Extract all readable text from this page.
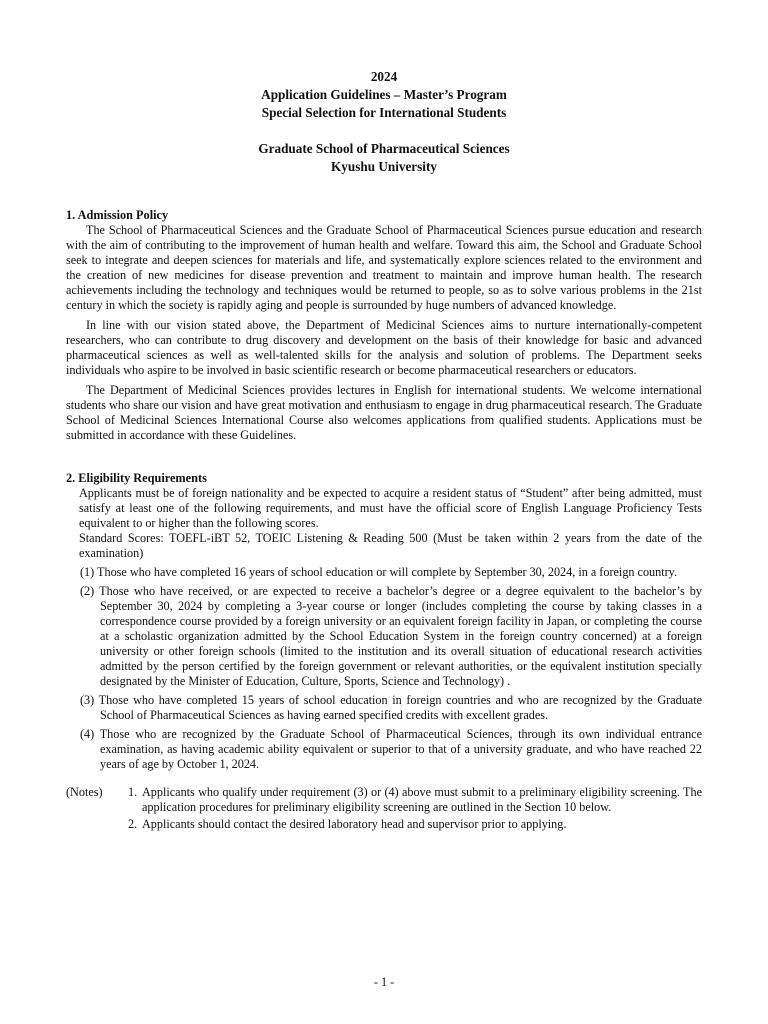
2024
Application Guidelines – Master’s Program
Special Selection for International Students
Graduate School of Pharmaceutical Sciences
Kyushu University
1. Admission Policy

The School of Pharmaceutical Sciences and the Graduate School of Pharmaceutical Sciences pursue education and research with the aim of contributing to the improvement of human health and welfare. Toward this aim, the School and Graduate School seek to integrate and deepen sciences for materials and life, and systematically explore sciences related to the environment and the creation of new medicines for disease prevention and treatment to maintain and improve human health. The research achievements including the technology and techniques would be returned to people, so as to solve various problems in the 21st century in which the society is rapidly aging and people is surrounded by huge numbers of advanced knowledge.

In line with our vision stated above, the Department of Medicinal Sciences aims to nurture internationally-competent researchers, who can contribute to drug discovery and development on the basis of their knowledge for basic and advanced pharmaceutical sciences as well as well-talented skills for the analysis and solution of problems. The Department seeks individuals who aspire to be involved in basic scientific research or become pharmaceutical researchers or educators.

The Department of Medicinal Sciences provides lectures in English for international students. We welcome international students who share our vision and have great motivation and enthusiasm to engage in drug pharmaceutical research. The Graduate School of Medicinal Sciences International Course also welcomes applications from qualified students. Applications must be submitted in accordance with these Guidelines.

2. Eligibility Requirements

Applicants must be of foreign nationality and be expected to acquire a resident status of “Student” after being admitted, must satisfy at least one of the following requirements, and must have the official score of English Language Proficiency Tests equivalent to or higher than the following scores.

Standard Scores: TOEFL-iBT 52, TOEIC Listening & Reading 500 (Must be taken within 2 years from the date of the examination)

(1) Those who have completed 16 years of school education or will complete by September 30, 2024, in a foreign country.
(2) Those who have received, or are expected to receive a bachelor’s degree or a degree equivalent to the bachelor’s by September 30, 2024 by completing a 3-year course or longer (includes completing the course by taking classes in a correspondence course provided by a foreign university or an equivalent foreign facility in Japan, or completing the course at a scholastic organization admitted by the School Education System in the foreign country concerned) at a foreign university or other foreign schools (limited to the institution and its overall situation of educational research activities admitted by the person certified by the foreign government or relevant authorities, or the equivalent institution specially designated by the Minister of Education, Culture, Sports, Science and Technology) .
(3) Those who have completed 15 years of school education in foreign countries and who are recognized by the Graduate School of Pharmaceutical Sciences as having earned specified credits with excellent grades.
(4) Those who are recognized by the Graduate School of Pharmaceutical Sciences, through its own individual entrance examination, as having academic ability equivalent or superior to that of a university graduate, and who have reached 22 years of age by October 1, 2024.
(Notes)	1. Applicants who qualify under requirement (3) or (4) above must submit to a preliminary eligibility screening. The application procedures for preliminary eligibility screening are outlined in the Section 10 below.
2. Applicants should contact the desired laboratory head and supervisor prior to applying.
- 1 -
